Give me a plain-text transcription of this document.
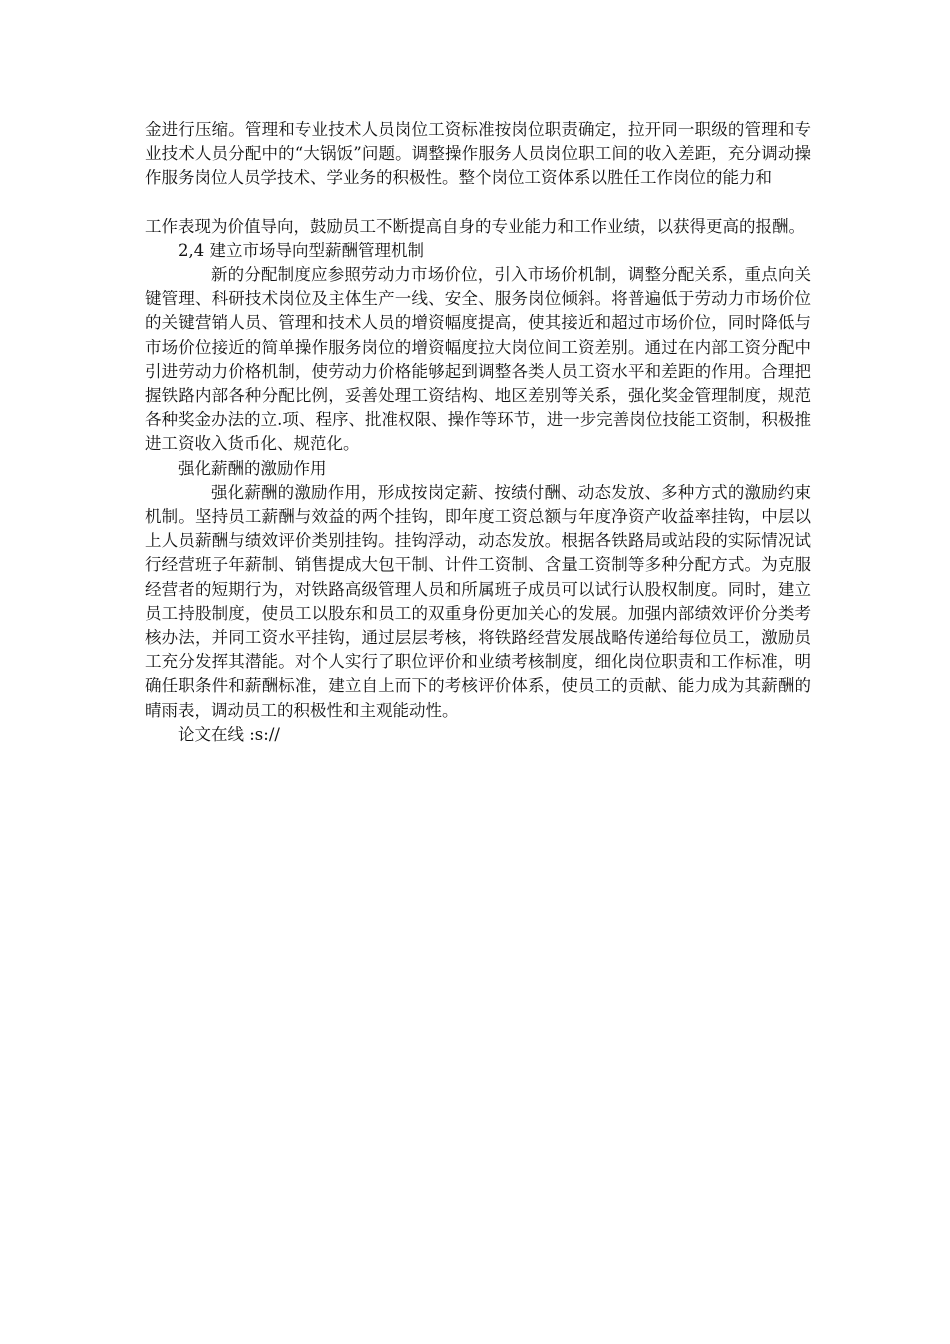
金进行压缩。管理和专业技术人员岗位工资标准按岗位职责确定，拉开同一职级的管理和专业技术人员分配中的“大锅饭”问题。调整操作服务人员岗位职工间的收入差距，充分调动操作服务岗位人员学技术、学业务的积极性。整个岗位工资体系以胜任工作岗位的能力和

工作表现为价值导向，鼓励员工不断提高自身的专业能力和工作业绩，以获得更高的报酬。

2,4 建立市场导向型薪酬管理机制

新的分配制度应参照劳动力市场价位，引入市场价机制，调整分配关系，重点向关键管理、科研技术岗位及主体生产一线、安全、服务岗位倾斜。将普遍低于劳动力市场价位的关键营销人员、管理和技术人员的增资幅度提高，使其接近和超过市场价位，同时降低与市场价位接近的简单操作服务岗位的增资幅度拉大岗位间工资差别。通过在内部工资分配中引进劳动力价格机制，使劳动力价格能够起到调整各类人员工资水平和差距的作用。合理把握铁路内部各种分配比例，妥善处理工资结构、地区差别等关系，强化奖金管理制度，规范各种奖金办法的立.项、程序、批准权限、操作等环节，进一步完善岗位技能工资制，积极推进工资收入货币化、规范化。

强化薪酬的激励作用

强化薪酬的激励作用，形成按岗定薪、按绩付酬、动态发放、多种方式的激励约束机制。坚持员工薪酬与效益的两个挂钩，即年度工资总额与年度净资产收益率挂钩，中层以上人员薪酬与绩效评价类别挂钩。挂钩浮动，动态发放。根据各铁路局或站段的实际情况试行经营班子年薪制、销售提成大包干制、计件工资制、含量工资制等多种分配方式。为克服经营者的短期行为，对铁路高级管理人员和所属班子成员可以试行认股权制度。同时，建立员工持股制度，使员工以股东和员工的双重身份更加关心的发展。加强内部绩效评价分类考核办法，并同工资水平挂钩，通过层层考核，将铁路经营发展战略传递给每位员工，激励员工充分发挥其潜能。对个人实行了职位评价和业绩考核制度，细化岗位职责和工作标准，明确任职条件和薪酬标准，建立自上而下的考核评价体系，使员工的贡献、能力成为其薪酬的晴雨表，调动员工的积极性和主观能动性。

论文在线 :s://
